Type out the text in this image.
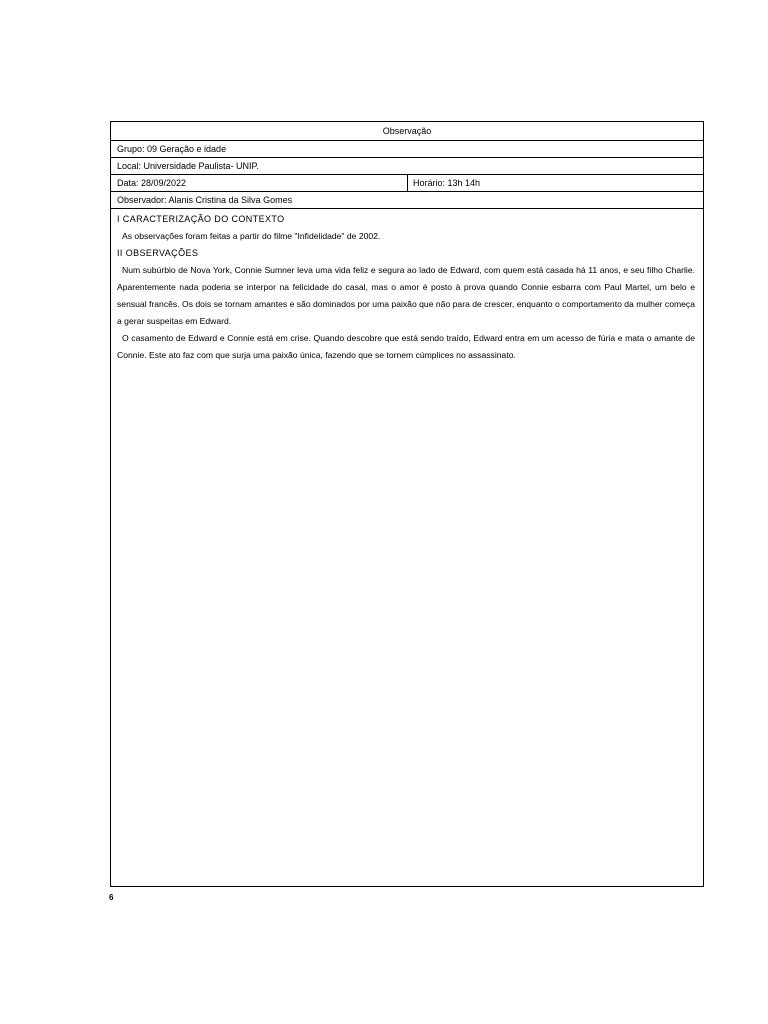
Observação
Grupo: 09 Geração e idade
Local: Universidade Paulista- UNIP.
Data: 28/09/2022	Horário: 13h 14h
Observador: Alanis Cristina da Silva Gomes
I CARACTERIZAÇÃO DO CONTEXTO

As observações foram feitas a partir do filme "Infidelidade" de 2002.

II OBSERVAÇÕES

Num subúrbio de Nova York, Connie Sumner leva uma vida feliz e segura ao lado de Edward, com quem está casada há 11 anos, e seu filho Charlie. Aparentemente nada poderia se interpor na felicidade do casal, mas o amor é posto à prova quando Connie esbarra com Paul Martel, um belo e sensual francês. Os dois se tornam amantes e são dominados por uma paixão que não para de crescer, enquanto o comportamento da mulher começa a gerar suspeitas em Edward.

O casamento de Edward e Connie está em crise. Quando descobre que está sendo traído, Edward entra em um acesso de fúria e mata o amante de Connie. Este ato faz com que surja uma paixão única, fazendo que se tornem cúmplices no assassinato.

6
